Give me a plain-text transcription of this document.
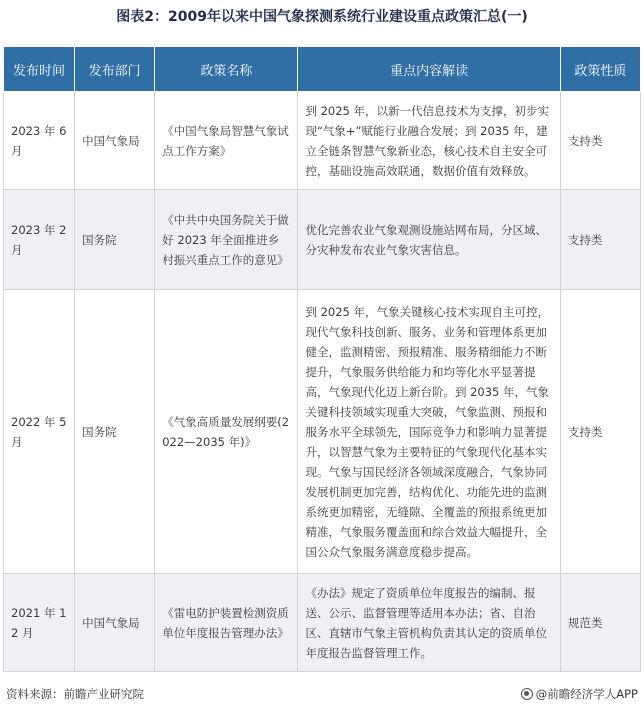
图表2：2009年以来中国气象探测系统行业建设重点政策汇总(一)
发布时间	发布部门	政策名称	重点内容解读	政策性质
2023 年 6 月	中国气象局	《中国气象局智慧气象试点工作方案》	到 2025 年，以新一代信息技术为支撑，初步实现“气象+”赋能行业融合发展；到 2035 年，建立全链条智慧气象新业态，核心技术自主安全可控，基础设施高效联通，数据价值有效释放。	支持类
2023 年 2 月	国务院	《中共中央国务院关于做好 2023 年全面推进乡村振兴重点工作的意见》	优化完善农业气象观测设施站网布局，分区域、分灾种发布农业气象灾害信息。	支持类
2022 年 5 月	国务院	《气象高质量发展纲要(2022—2035 年)》	到 2025 年，气象关键核心技术实现自主可控，现代气象科技创新、服务、业务和管理体系更加健全，监测精密、预报精准、服务精细能力不断提升，气象服务供给能力和均等化水平显著提高，气象现代化迈上新台阶。到 2035 年，气象关键科技领域实现重大突破，气象监测、预报和服务水平全球领先，国际竞争力和影响力显著提升，以智慧气象为主要特征的气象现代化基本实现。气象与国民经济各领域深度融合，气象协同发展机制更加完善，结构优化、功能先进的监测系统更加精密，无缝隙、全覆盖的预报系统更加精准，气象服务覆盖面和综合效益大幅提升，全国公众气象服务满意度稳步提高。	支持类
2021 年 12 月	中国气象局	《雷电防护装置检测资质单位年度报告管理办法》	《办法》规定了资质单位年度报告的编制、报送、公示、监督管理等适用本办法；省、自治区、直辖市气象主管机构负责其认定的资质单位年度报告监督管理工作。	规范类
资料来源：前瞻产业研究院	@前瞻经济学人APP
